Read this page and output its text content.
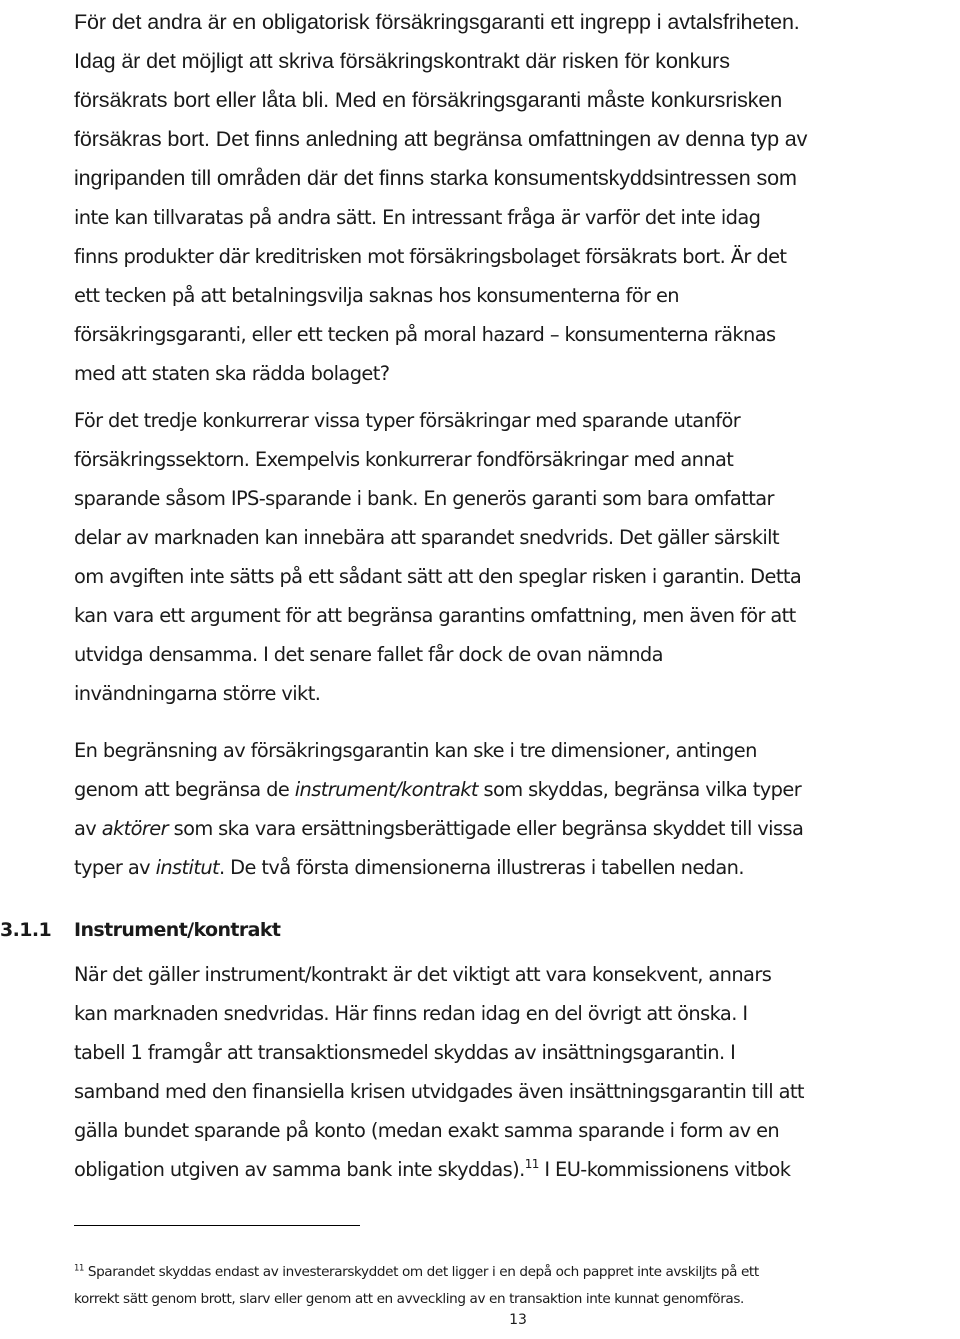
För det andra är en obligatorisk försäkringsgaranti ett ingrepp i avtalsfriheten.
Idag är det möjligt att skriva försäkringskontrakt där risken för konkurs
försäkrats bort eller låta bli. Med en försäkringsgaranti måste konkursrisken
försäkras bort. Det finns anledning att begränsa omfattningen av denna typ av
ingripanden till områden där det finns starka konsumentskyddsintressen som
inte kan tillvaratas på andra sätt. En intressant fråga är varför det inte idag
finns produkter där kreditrisken mot försäkringsbolaget försäkrats bort. Är det
ett tecken på att betalningsvilja saknas hos konsumenterna för en
försäkringsgaranti, eller ett tecken på moral hazard – konsumenterna räknas
med att staten ska rädda bolaget?
För det tredje konkurrerar vissa typer försäkringar med sparande utanför
försäkringssektorn. Exempelvis konkurrerar fondförsäkringar med annat
sparande såsom IPS-sparande i bank. En generös garanti som bara omfattar
delar av marknaden kan innebära att sparandet snedvrids. Det gäller särskilt
om avgiften inte sätts på ett sådant sätt att den speglar risken i garantin. Detta
kan vara ett argument för att begränsa garantins omfattning, men även för att
utvidga densamma. I det senare fallet får dock de ovan nämnda
invändningarna större vikt.
En begränsning av försäkringsgarantin kan ske i tre dimensioner, antingen
genom att begränsa de instrument/kontrakt som skyddas, begränsa vilka typer
av aktörer som ska vara ersättningsberättigade eller begränsa skyddet till vissa
typer av institut. De två första dimensionerna illustreras i tabellen nedan.
3.1.1 Instrument/kontrakt
När det gäller instrument/kontrakt är det viktigt att vara konsekvent, annars
kan marknaden snedvridas. Här finns redan idag en del övrigt att önska. I
tabell 1 framgår att transaktionsmedel skyddas av insättningsgarantin. I
samband med den finansiella krisen utvidgades även insättningsgarantin till att
gälla bundet sparande på konto (medan exakt samma sparande i form av en
obligation utgiven av samma bank inte skyddas).$^{11}$ I EU-kommissionens vitbok
$^{11}$ Sparandet skyddas endast av investerarskyddet om det ligger i en depå och pappret inte avskiljts på ett
korrekt sätt genom brott, slarv eller genom att en avveckling av en transaktion inte kunnat genomföras.
13
